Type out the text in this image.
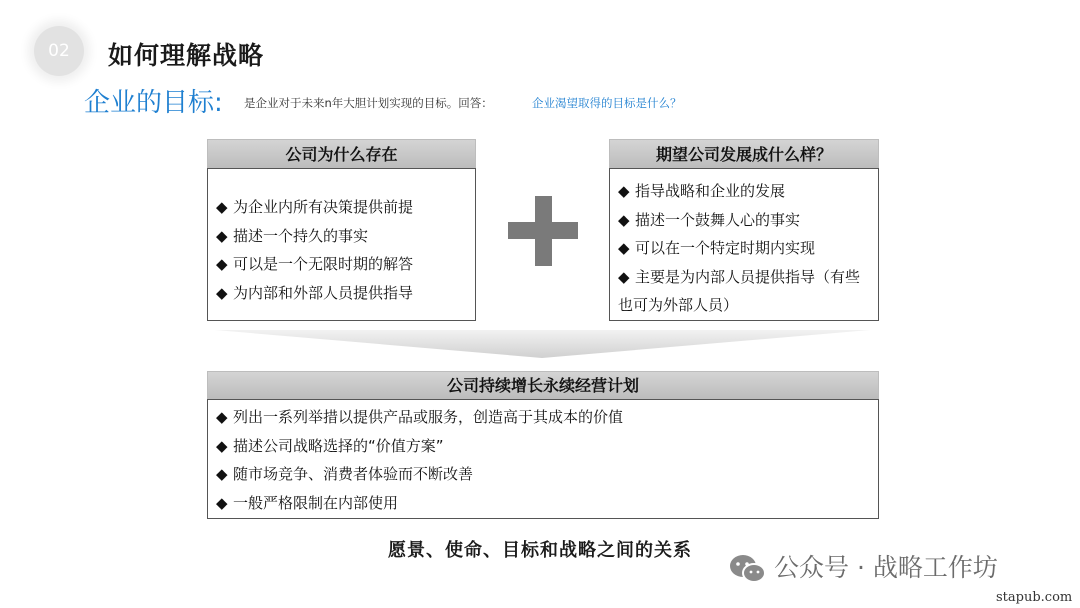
02	如何理解战略
企业的目标: 是企业对于未来n年大胆计划实现的目标。回答：	企业渴望取得的目标是什么？
公司为什么存在
◆ 为企业内所有决策提供前提
◆ 描述一个持久的事实
◆ 可以是一个无限时期的解答
◆ 为内部和外部人员提供指导
期望公司发展成什么样？
◆ 指导战略和企业的发展
◆ 描述一个鼓舞人心的事实
◆ 可以在一个特定时期内实现
◆ 主要是为内部人员提供指导（有些也可为外部人员）
公司持续增长永续经营计划
◆ 列出一系列举措以提供产品或服务，创造高于其成本的价值
◆ 描述公司战略选择的“价值方案”
◆ 随市场竞争、消费者体验而不断改善
◆ 一般严格限制在内部使用
愿景、使命、目标和战略之间的关系
公众号 · 战略工作坊
stapub.com
